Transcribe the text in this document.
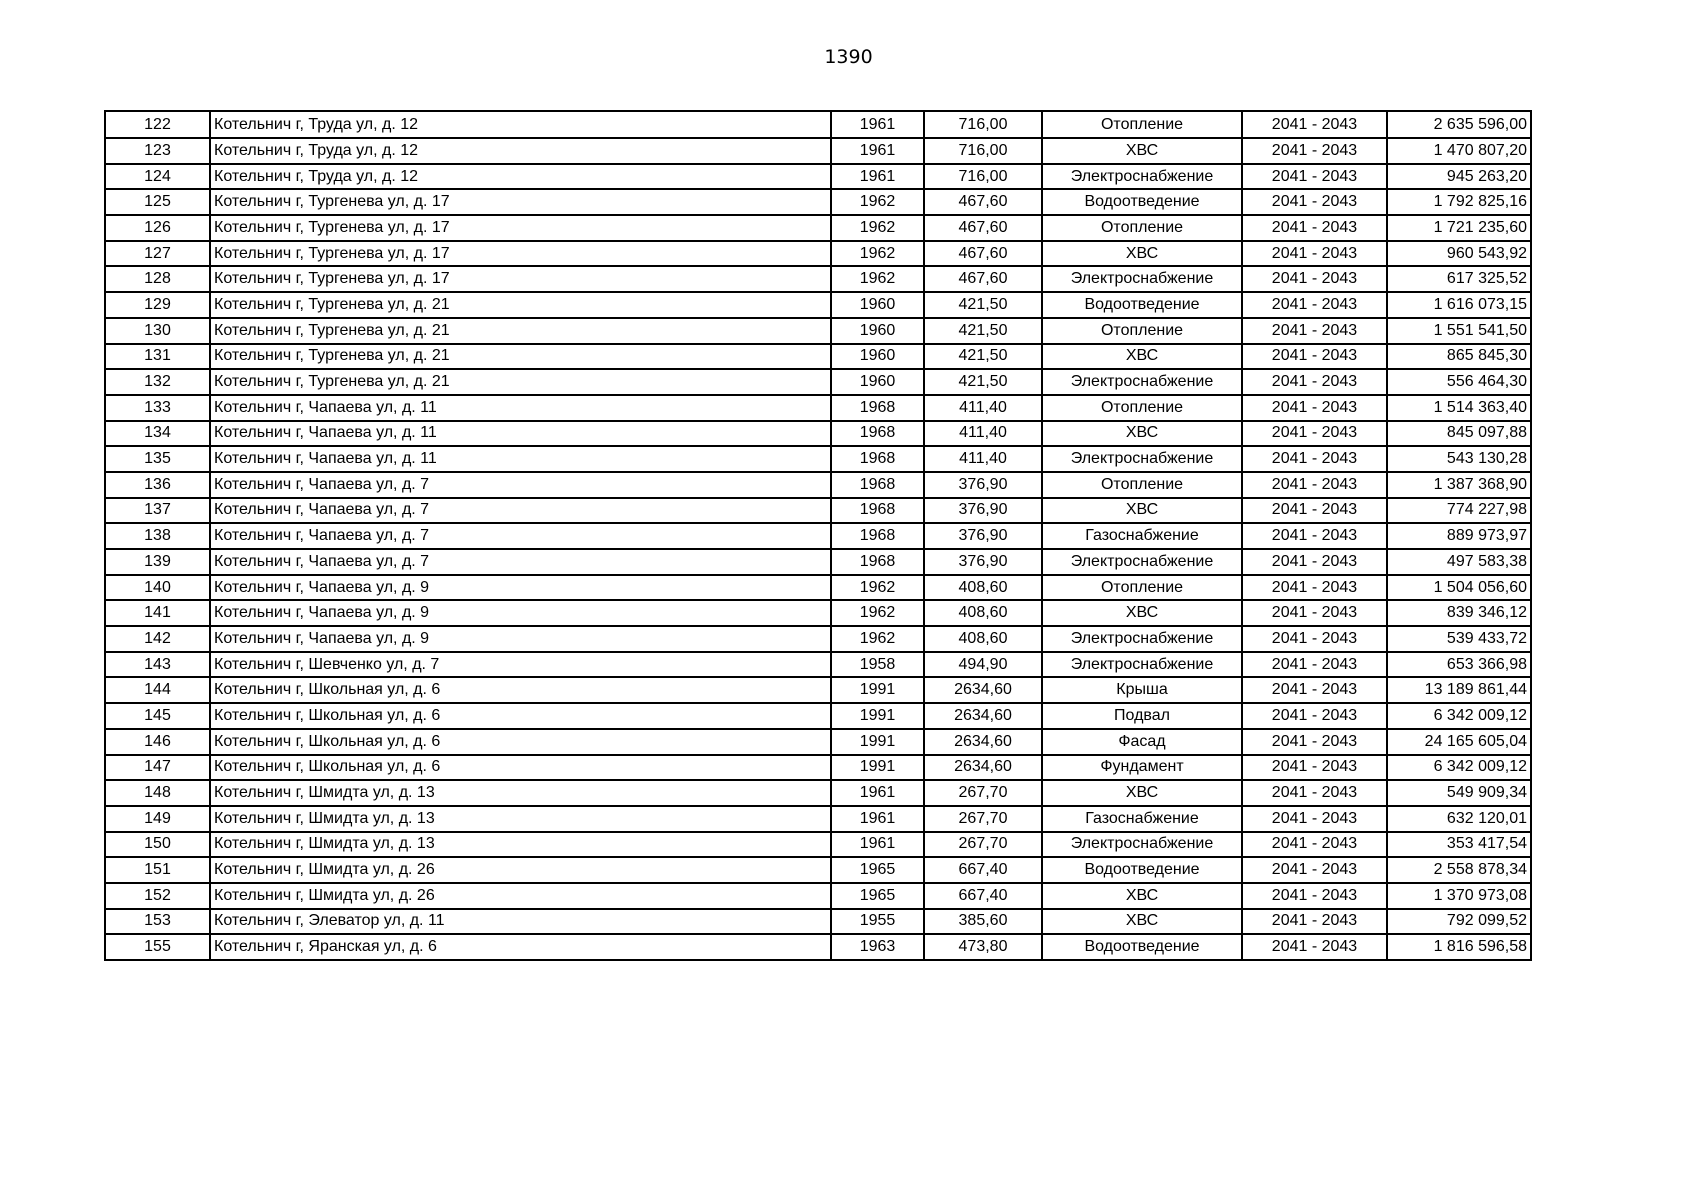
1390
122	Котельнич г, Труда ул, д. 12	1961	716,00	Отопление	2041 - 2043	2 635 596,00
123	Котельнич г, Труда ул, д. 12	1961	716,00	ХВС	2041 - 2043	1 470 807,20
124	Котельнич г, Труда ул, д. 12	1961	716,00	Электроснабжение	2041 - 2043	945 263,20
125	Котельнич г, Тургенева ул, д. 17	1962	467,60	Водоотведение	2041 - 2043	1 792 825,16
126	Котельнич г, Тургенева ул, д. 17	1962	467,60	Отопление	2041 - 2043	1 721 235,60
127	Котельнич г, Тургенева ул, д. 17	1962	467,60	ХВС	2041 - 2043	960 543,92
128	Котельнич г, Тургенева ул, д. 17	1962	467,60	Электроснабжение	2041 - 2043	617 325,52
129	Котельнич г, Тургенева ул, д. 21	1960	421,50	Водоотведение	2041 - 2043	1 616 073,15
130	Котельнич г, Тургенева ул, д. 21	1960	421,50	Отопление	2041 - 2043	1 551 541,50
131	Котельнич г, Тургенева ул, д. 21	1960	421,50	ХВС	2041 - 2043	865 845,30
132	Котельнич г, Тургенева ул, д. 21	1960	421,50	Электроснабжение	2041 - 2043	556 464,30
133	Котельнич г, Чапаева ул, д. 11	1968	411,40	Отопление	2041 - 2043	1 514 363,40
134	Котельнич г, Чапаева ул, д. 11	1968	411,40	ХВС	2041 - 2043	845 097,88
135	Котельнич г, Чапаева ул, д. 11	1968	411,40	Электроснабжение	2041 - 2043	543 130,28
136	Котельнич г, Чапаева ул, д. 7	1968	376,90	Отопление	2041 - 2043	1 387 368,90
137	Котельнич г, Чапаева ул, д. 7	1968	376,90	ХВС	2041 - 2043	774 227,98
138	Котельнич г, Чапаева ул, д. 7	1968	376,90	Газоснабжение	2041 - 2043	889 973,97
139	Котельнич г, Чапаева ул, д. 7	1968	376,90	Электроснабжение	2041 - 2043	497 583,38
140	Котельнич г, Чапаева ул, д. 9	1962	408,60	Отопление	2041 - 2043	1 504 056,60
141	Котельнич г, Чапаева ул, д. 9	1962	408,60	ХВС	2041 - 2043	839 346,12
142	Котельнич г, Чапаева ул, д. 9	1962	408,60	Электроснабжение	2041 - 2043	539 433,72
143	Котельнич г, Шевченко ул, д. 7	1958	494,90	Электроснабжение	2041 - 2043	653 366,98
144	Котельнич г, Школьная ул, д. 6	1991	2634,60	Крыша	2041 - 2043	13 189 861,44
145	Котельнич г, Школьная ул, д. 6	1991	2634,60	Подвал	2041 - 2043	6 342 009,12
146	Котельнич г, Школьная ул, д. 6	1991	2634,60	Фасад	2041 - 2043	24 165 605,04
147	Котельнич г, Школьная ул, д. 6	1991	2634,60	Фундамент	2041 - 2043	6 342 009,12
148	Котельнич г, Шмидта ул, д. 13	1961	267,70	ХВС	2041 - 2043	549 909,34
149	Котельнич г, Шмидта ул, д. 13	1961	267,70	Газоснабжение	2041 - 2043	632 120,01
150	Котельнич г, Шмидта ул, д. 13	1961	267,70	Электроснабжение	2041 - 2043	353 417,54
151	Котельнич г, Шмидта ул, д. 26	1965	667,40	Водоотведение	2041 - 2043	2 558 878,34
152	Котельнич г, Шмидта ул, д. 26	1965	667,40	ХВС	2041 - 2043	1 370 973,08
153	Котельнич г, Элеватор ул, д. 11	1955	385,60	ХВС	2041 - 2043	792 099,52
155	Котельнич г, Яранская ул, д. 6	1963	473,80	Водоотведение	2041 - 2043	1 816 596,58
